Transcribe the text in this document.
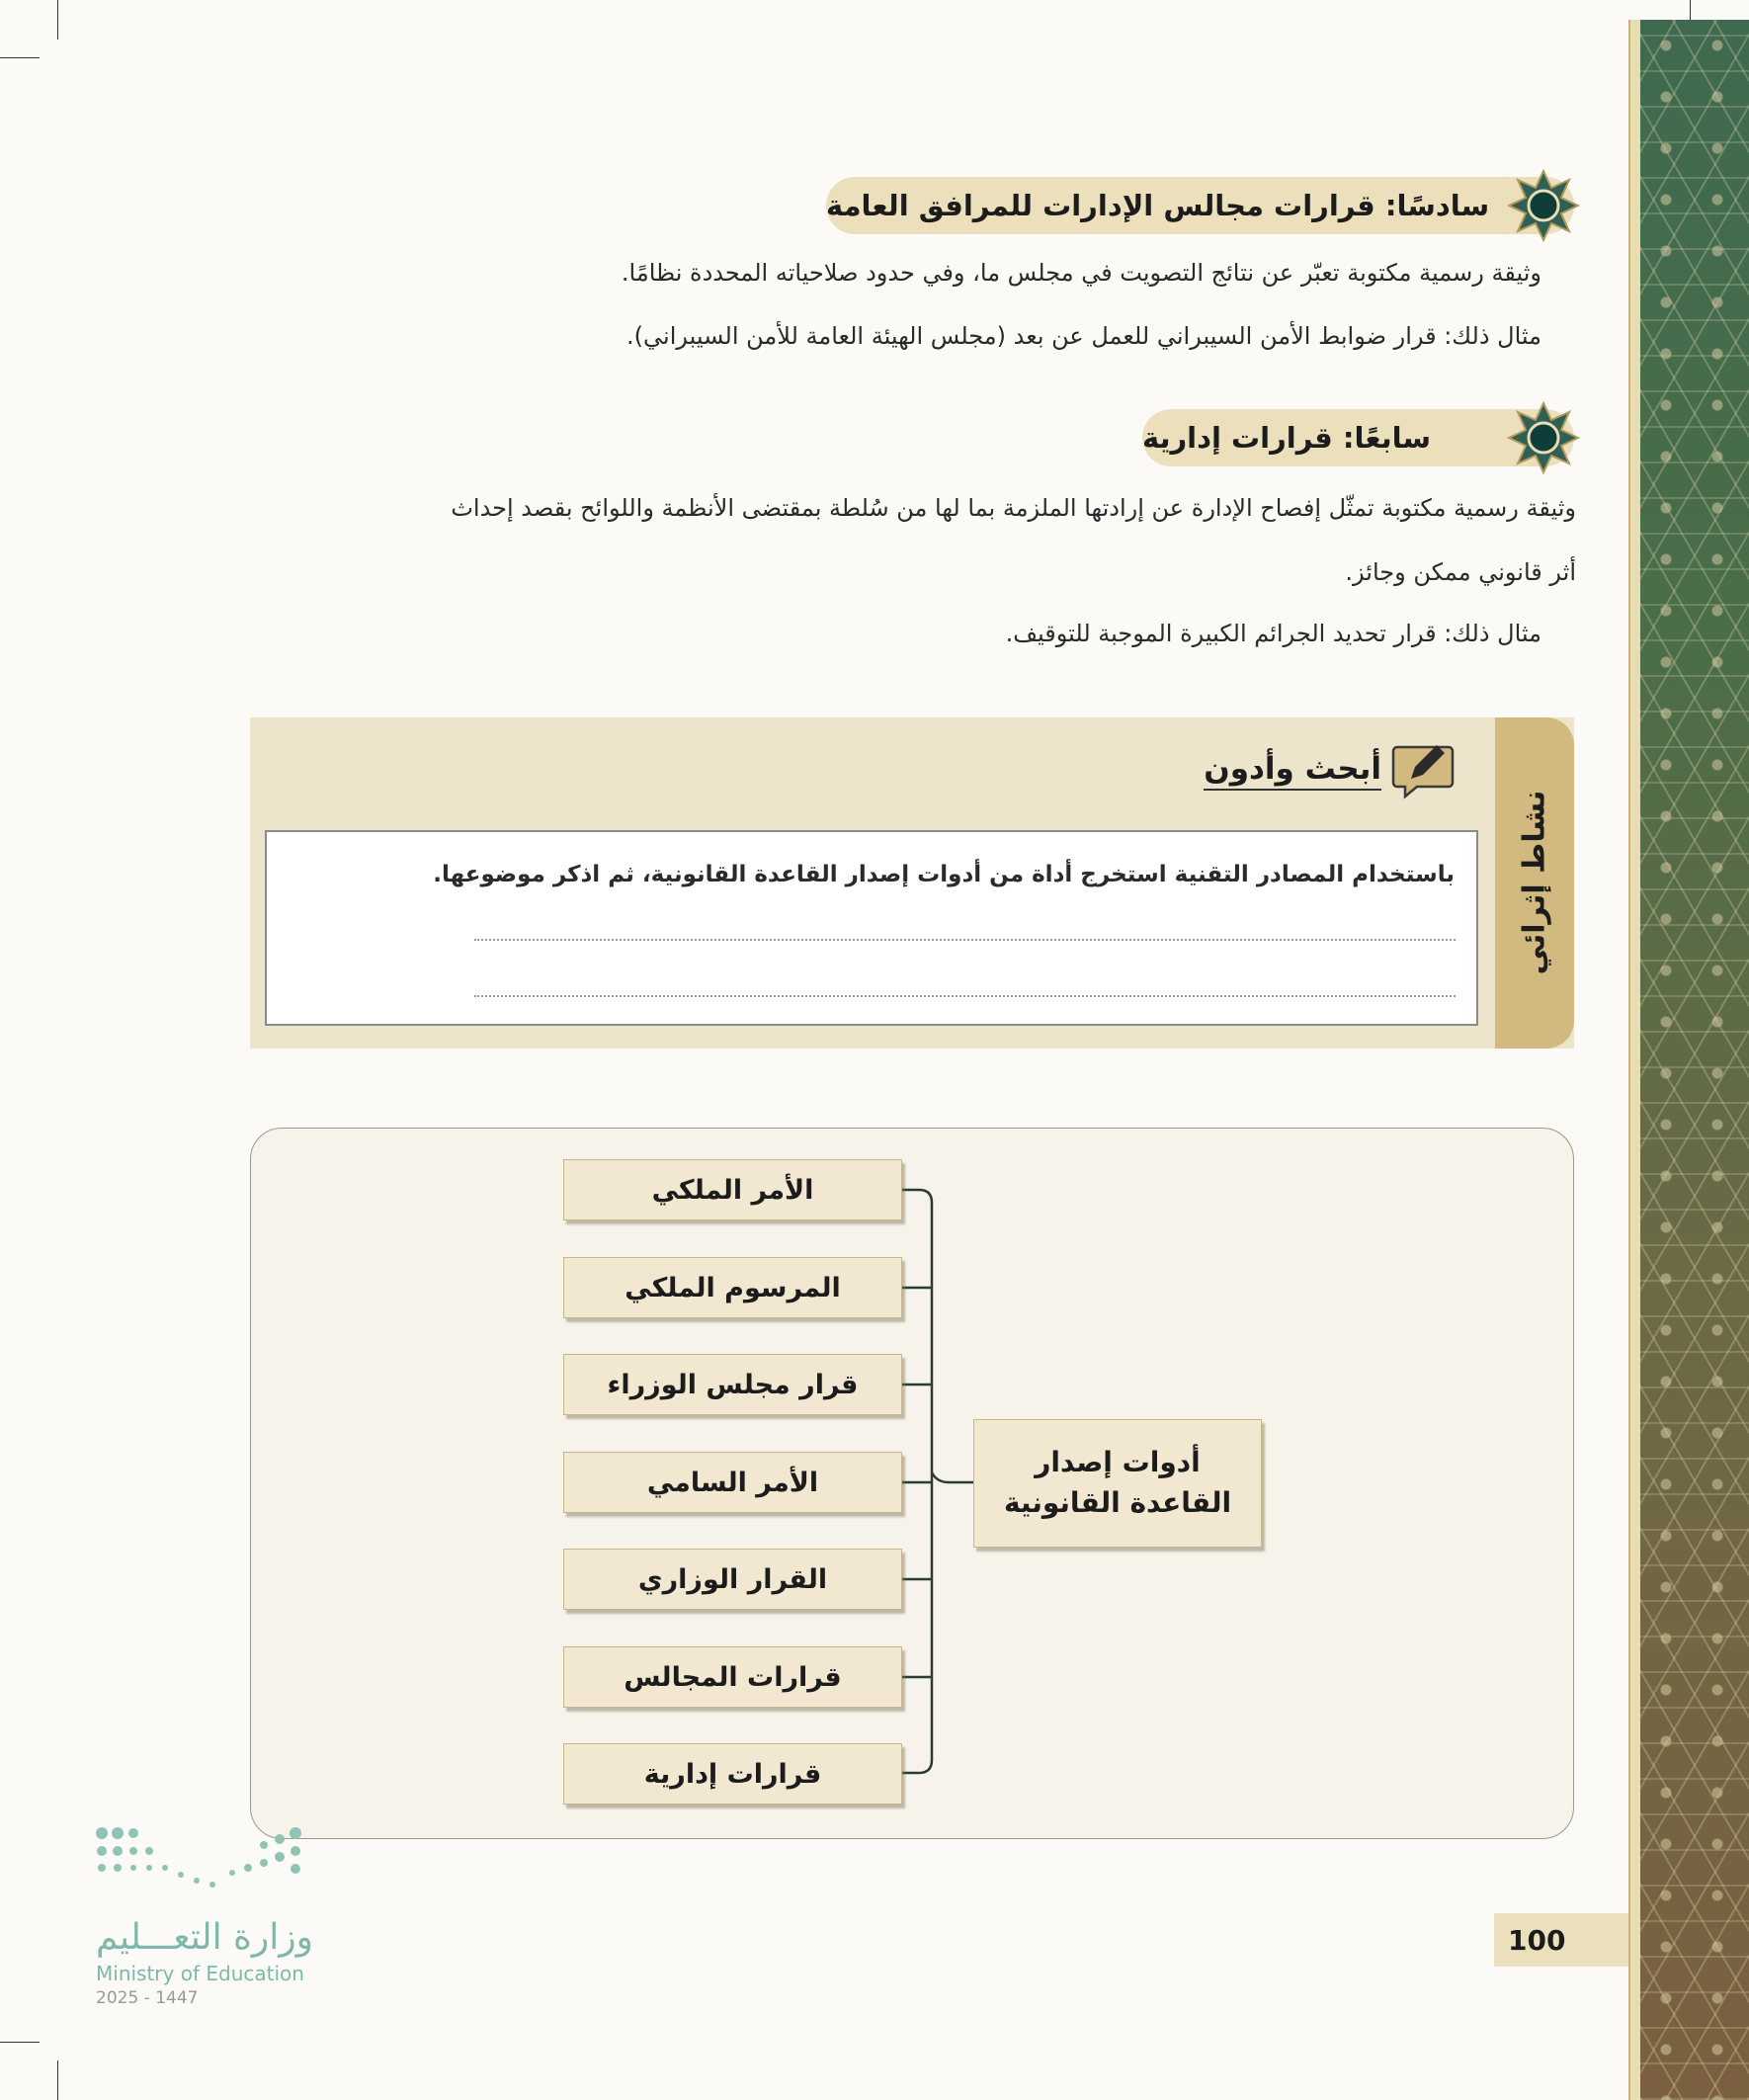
سادسًا: قرارات مجالس الإدارات للمرافق العامة
وثيقة رسمية مكتوبة تعبّر عن نتائج التصويت في مجلس ما، وفي حدود صلاحياته المحددة نظامًا.
مثال ذلك: قرار ضوابط الأمن السيبراني للعمل عن بعد (مجلس الهيئة العامة للأمن السيبراني).
سابعًا: قرارات إدارية
وثيقة رسمية مكتوبة تمثّل إفصاح الإدارة عن إرادتها الملزمة بما لها من سُلطة بمقتضى الأنظمة واللوائح بقصد إحداث
أثر قانوني ممكن وجائز.
مثال ذلك: قرار تحديد الجرائم الكبيرة الموجبة للتوقيف.
نشاط إثرائي
أبحث وأدون
باستخدام المصادر التقنية استخرج أداة من أدوات إصدار القاعدة القانونية، ثم اذكر موضوعها.
الأمر الملكي
المرسوم الملكي
قرار مجلس الوزراء
الأمر السامي
القرار الوزاري
قرارات المجالس
قرارات إدارية
أدوات إصدار
القاعدة القانونية
وزارة التعـــليم
Ministry of Education
2025 - 1447
100
